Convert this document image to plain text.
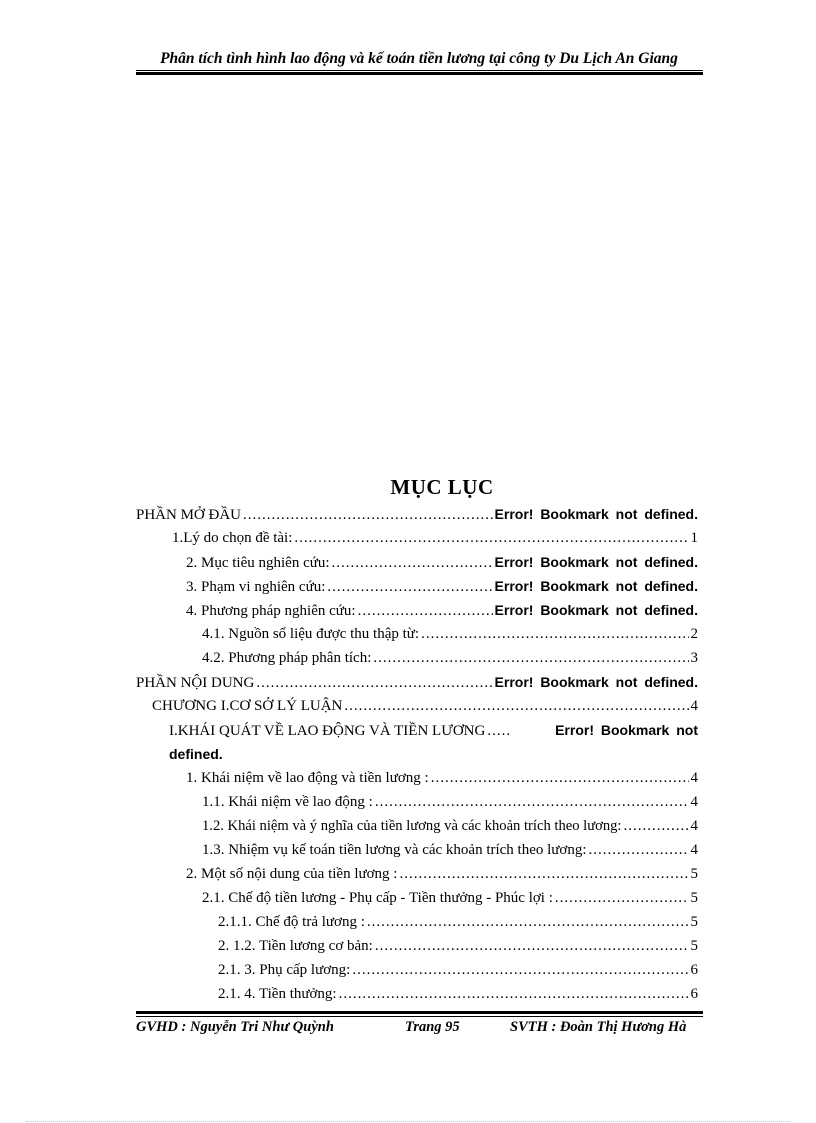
Phân tích tình hình lao động và kế toán tiền lương tại công ty Du Lịch An Giang
MỤC LỤC
PHẦN MỞ ĐẦU .....	Error! Bookmark not defined.
1.Lý do chọn đề tài: .....	1
2. Mục tiêu nghiên cứu: .....	Error! Bookmark not defined.
3. Phạm vi nghiên cứu: .....	Error! Bookmark not defined.
4. Phương pháp nghiên cứu: .....	Error! Bookmark not defined.
4.1. Nguồn số liệu được thu thập từ: .....	2
4.2. Phương pháp phân tích: .....	3
PHẦN NỘI DUNG .....	Error! Bookmark not defined.
CHƯƠNG I.CƠ SỞ LÝ LUẬN .....	4
I.KHÁI QUÁT VỀ LAO ĐỘNG VÀ TIỀN LƯƠNG .....	Error! Bookmark not
defined.
1. Khái niệm về lao động và tiền lương : .....	4
1.1. Khái niệm về lao động : .....	4
1.2. Khái niệm và ý nghĩa của tiền lương và các khoản trích theo lương: .....	4
1.3. Nhiệm vụ kế toán tiền lương và các khoản trích theo lương: .....	4
2. Một số nội dung của tiền lương : .....	5
2.1. Chế độ tiền lương - Phụ cấp - Tiền thưởng - Phúc lợi : .....	5
2.1.1. Chế độ trả lương : .....	5
2. 1.2. Tiền lương cơ bản: .....	5
2.1. 3. Phụ cấp lương: .....	6
2.1. 4. Tiền thưởng: .....	6
GVHD : Nguyễn Tri Như Quỳnh	Trang 95	SVTH : Đoàn Thị Hương Hà
